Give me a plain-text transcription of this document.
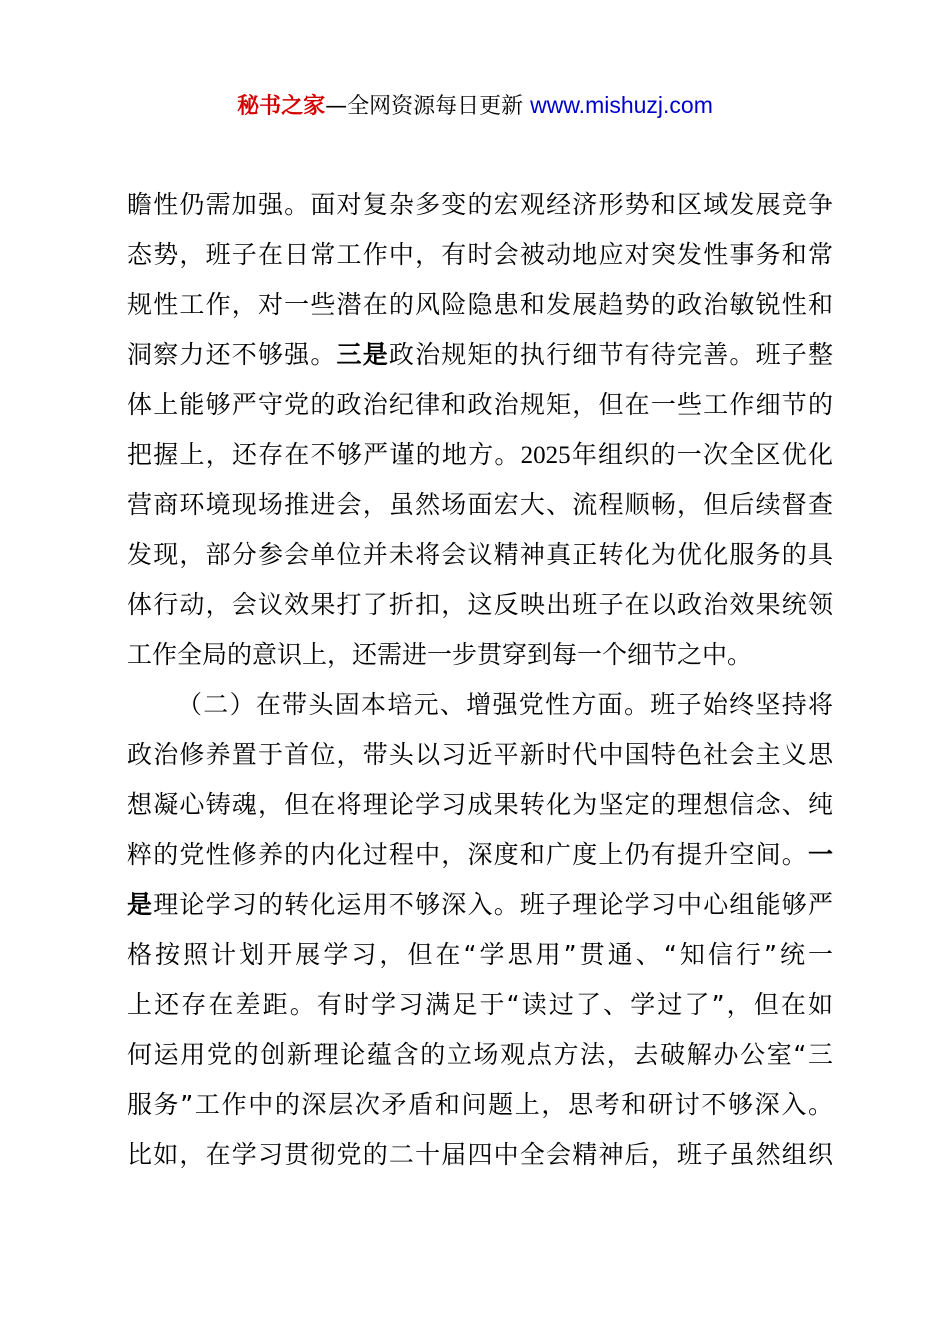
秘书之家—全网资源每日更新 www.mishuzj.com
瞻性仍需加强。面对复杂多变的宏观经济形势和区域发展竞争
态势，班子在日常工作中，有时会被动地应对突发性事务和常
规性工作，对一些潜在的风险隐患和发展趋势的政治敏锐性和
洞察力还不够强。三是政治规矩的执行细节有待完善。班子整
体上能够严守党的政治纪律和政治规矩，但在一些工作细节的
把握上，还存在不够严谨的地方。2025年组织的一次全区优化
营商环境现场推进会，虽然场面宏大、流程顺畅，但后续督查
发现，部分参会单位并未将会议精神真正转化为优化服务的具
体行动，会议效果打了折扣，这反映出班子在以政治效果统领
工作全局的意识上，还需进一步贯穿到每一个细节之中。
（二）在带头固本培元、增强党性方面。班子始终坚持将
政治修养置于首位，带头以习近平新时代中国特色社会主义思
想凝心铸魂，但在将理论学习成果转化为坚定的理想信念、纯
粹的党性修养的内化过程中，深度和广度上仍有提升空间。一
是理论学习的转化运用不够深入。班子理论学习中心组能够严
格按照计划开展学习，但在“学思用”贯通、“知信行”统一
上还存在差距。有时学习满足于“读过了、学过了”，但在如
何运用党的创新理论蕴含的立场观点方法，去破解办公室“三
服务”工作中的深层次矛盾和问题上，思考和研讨不够深入。
比如，在学习贯彻党的二十届四中全会精神后，班子虽然组织
